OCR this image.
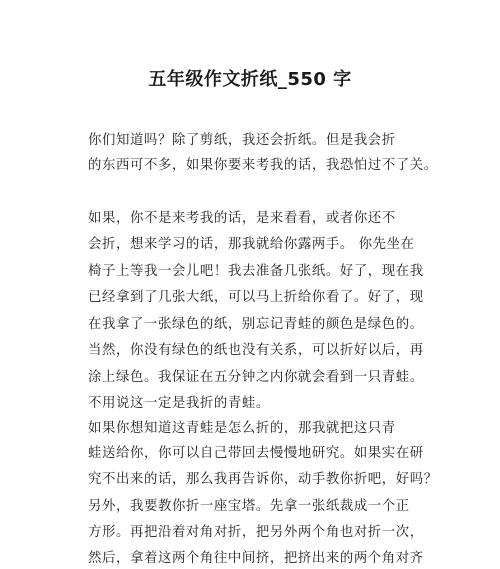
五年级作文折纸_550 字
你们知道吗？除了剪纸，我还会折纸。但是我会折
的东西可不多，如果你要来考我的话，我恐怕过不了关。
如果，你不是来考我的话，是来看看，或者你还不
会折，想来学习的话，那我就给你露两手。 你先坐在
椅子上等我一会儿吧！我去准备几张纸。好了，现在我
已经拿到了几张大纸，可以马上折给你看了。好了，现
在我拿了一张绿色的纸，别忘记青蛙的颜色是绿色的。
当然，你没有绿色的纸也没有关系，可以折好以后，再
涂上绿色。我保证在五分钟之内你就会看到一只青蛙。
不用说这一定是我折的青蛙。
如果你想知道这青蛙是怎么折的，那我就把这只青
蛙送给你，你可以自己带回去慢慢地研究。如果实在研
究不出来的话，那么我再告诉你，动手教你折吧，好吗？
另外，我要教你折一座宝塔。先拿一张纸裁成一个正
方形。再把沿着对角对折，把另外两个角也对折一次，
然后，拿着这两个角往中间挤，把挤出来的两个角对齐
